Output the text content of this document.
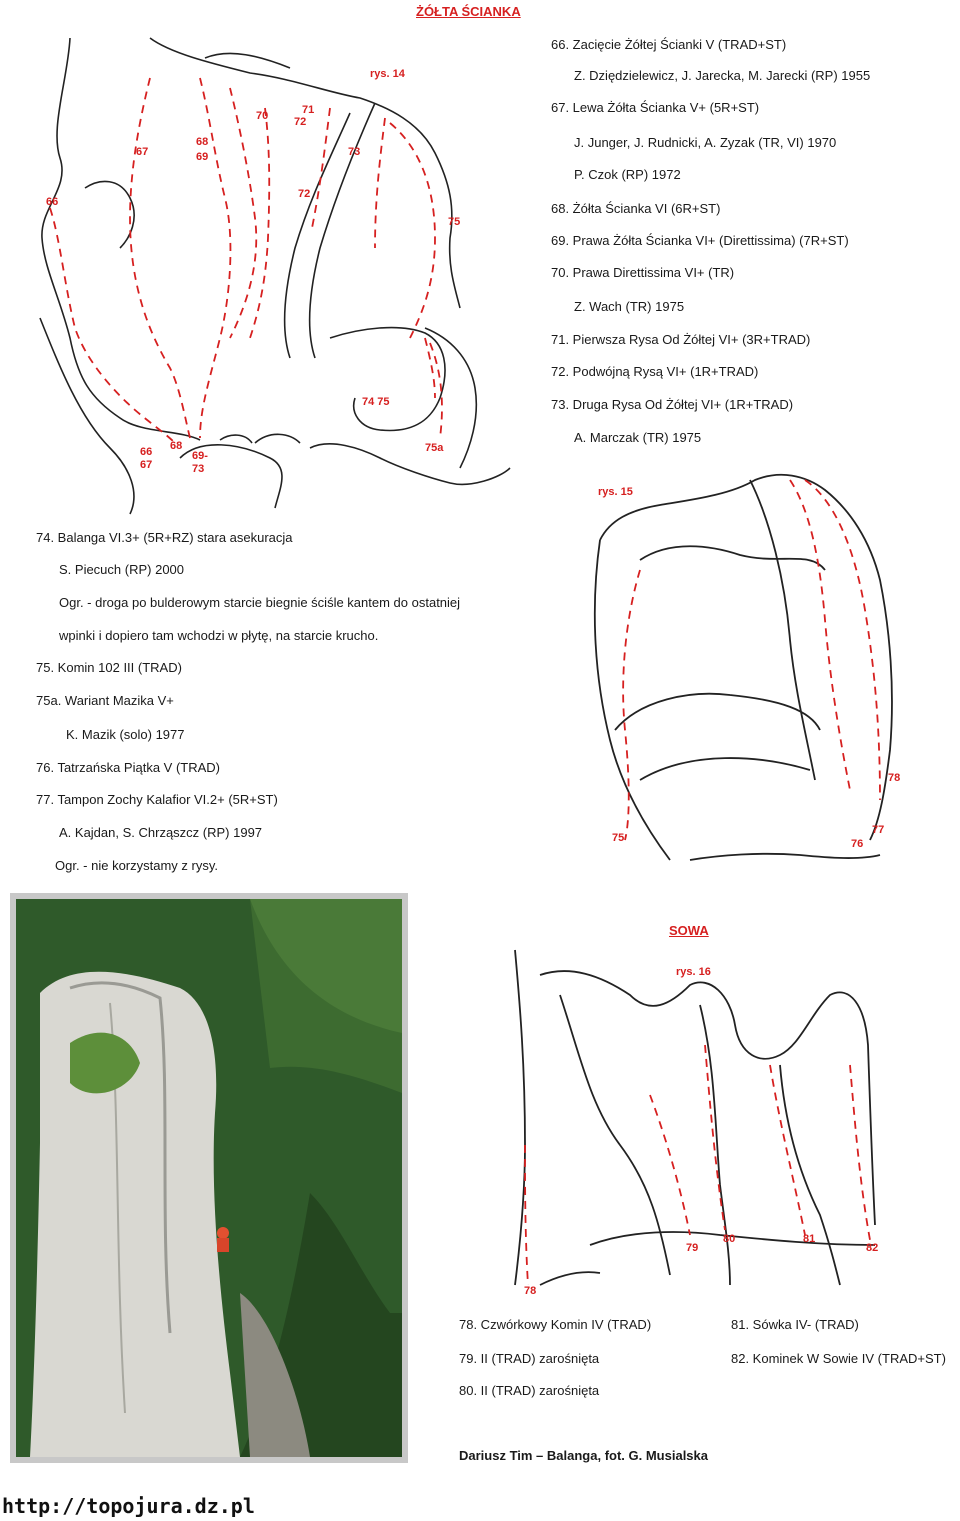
ŻÓŁTA ŚCIANKA
rys. 14
66
67
68
69
70	71
72
72
73
74 75
75
75a
66
67
68
69-
73
66. Zacięcie Żółtej Ścianki V (TRAD+ST)
Z. Dziędzielewicz, J. Jarecka, M. Jarecki (RP) 1955
67. Lewa Żółta Ścianka V+ (5R+ST)
J. Junger, J. Rudnicki, A. Zyzak (TR, VI) 1970
P. Czok (RP) 1972
68. Żółta Ścianka VI (6R+ST)
69. Prawa Żółta Ścianka VI+ (Direttissima) (7R+ST)
70. Prawa Direttissima VI+ (TR)
Z. Wach (TR) 1975
71. Pierwsza Rysa Od Żółtej VI+ (3R+TRAD)
72. Podwójną Rysą VI+ (1R+TRAD)
73. Druga Rysa Od Żółtej VI+ (1R+TRAD)
A. Marczak (TR) 1975
rys. 15
78
77
76
75
74. Balanga VI.3+ (5R+RZ) stara asekuracja
S. Piecuch (RP) 2000
Ogr. - droga po bulderowym starcie biegnie ściśle kantem do ostatniej
wpinki i dopiero tam wchodzi w płytę, na starcie krucho.
75. Komin 102 III (TRAD)
75a. Wariant Mazika V+
K. Mazik (solo) 1977
76. Tatrzańska Piątka V (TRAD)
77. Tampon Zochy Kalafior VI.2+ (5R+ST)
A. Kajdan, S. Chrząszcz (RP) 1997
Ogr. - nie korzystamy z rysy.
SOWA
rys. 16
79
80	81
82
78
78. Czwórkowy Komin IV (TRAD)	81. Sówka IV- (TRAD)
79. II (TRAD) zarośnięta	82. Kominek W Sowie IV (TRAD+ST)
80. II (TRAD) zarośnięta
Dariusz Tim – Balanga, fot. G. Musialska
http://topojura.dz.pl
